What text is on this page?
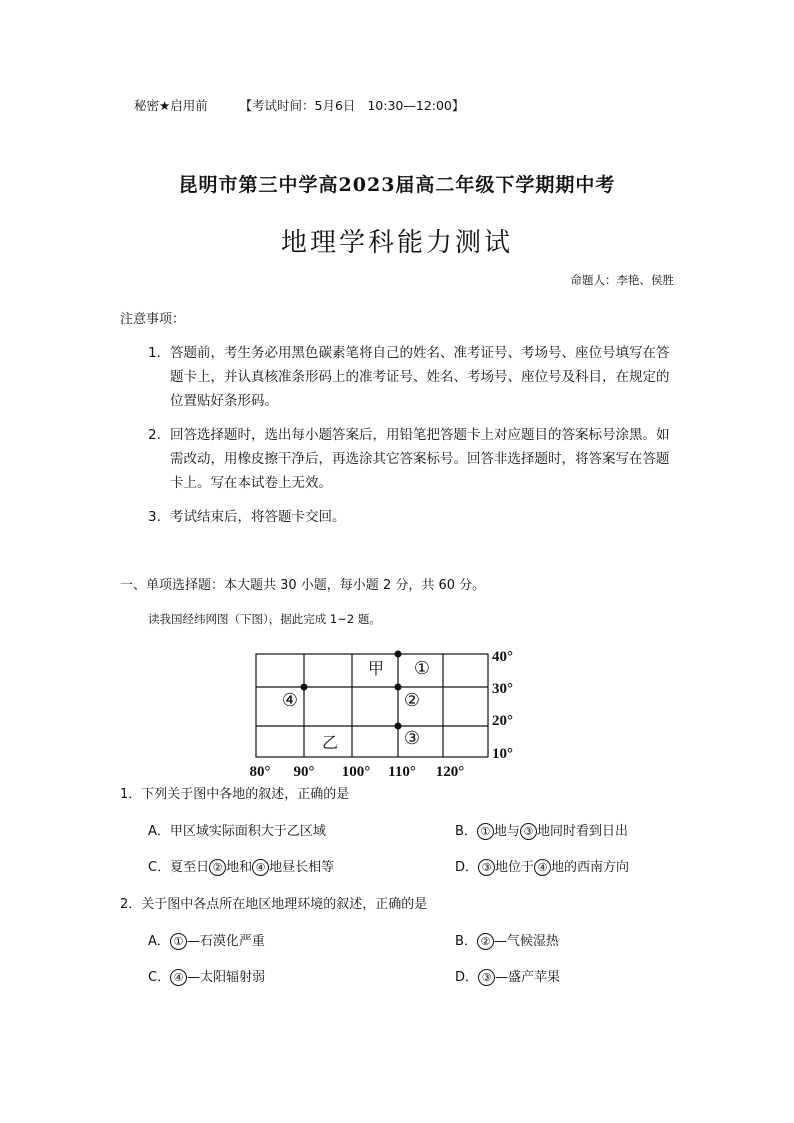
秘密★启用前	【考试时间：5月6日   10:30—12:00】
昆明市第三中学高2023届高二年级下学期期中考
地理学科能力测试
命题人：李艳、侯胜
注意事项：
1． 答题前，考生务必用黑色碳素笔将自己的姓名、准考证号、考场号、座位号填写在答题卡上，并认真核准条形码上的准考证号、姓名、考场号、座位号及科目，在规定的位置贴好条形码。
2． 回答选择题时，选出每小题答案后，用铅笔把答题卡上对应题目的答案标号涂黑。如需改动，用橡皮擦干净后，再选涂其它答案标号。回答非选择题时，将答案写在答题卡上。写在本试卷上无效。
3． 考试结束后，将答题卡交回。
一、单项选择题：本大题共 30 小题，每小题 2 分，共 60 分。
读我国经纬网图（下图），据此完成 1~2 题。
甲
乙
①
②
③
④
40°
30°
20°
10°
80° 90° 100° 110° 120°
1．下列关于图中各地的叙述，正确的是
A．甲区域实际面积大于乙区域	B． ① 地与 ③ 地同时看到日出
C．夏至日 ② 地和 ④ 地昼长相等	D． ③ 地位于 ④ 地的西南方向
2．关于图中各点所在地区地理环境的叙述，正确的是
A． ① —石漠化严重	B． ② —气候湿热
C． ④ —太阳辐射弱	D． ③ —盛产苹果
